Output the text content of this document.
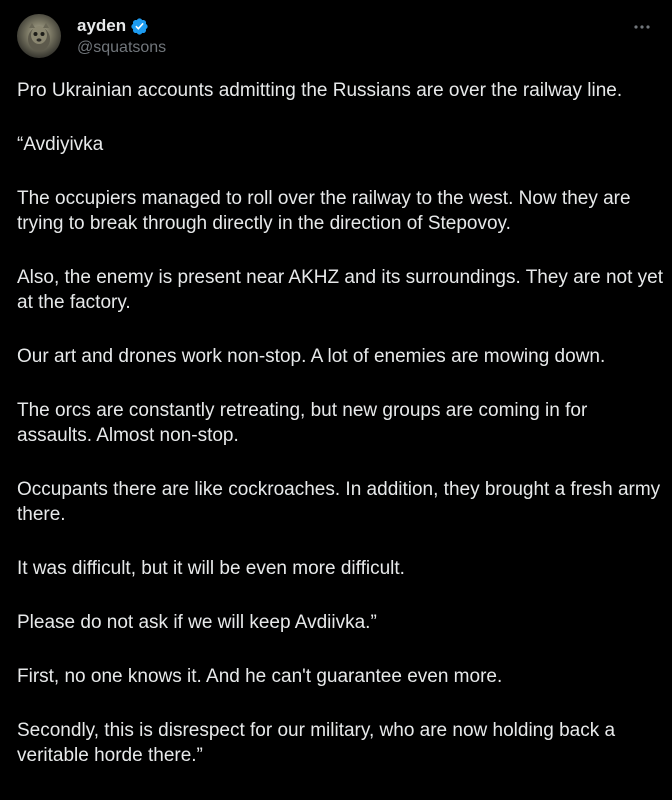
ayden
@squatsons

Pro Ukrainian accounts admitting the Russians are over the railway line.

“Avdiyivka

The occupiers managed to roll over the railway to the west. Now they are trying to break through directly in the direction of Stepovoy.

Also, the enemy is present near AKHZ and its surroundings. They are not yet at the factory.

Our art and drones work non-stop. A lot of enemies are mowing down.

The orcs are constantly retreating, but new groups are coming in for assaults. Almost non-stop.

Occupants there are like cockroaches. In addition, they brought a fresh army there.

It was difficult, but it will be even more difficult.

Please do not ask if we will keep Avdiivka.”

First, no one knows it. And he can't guarantee even more.

Secondly, this is disrespect for our military, who are now holding back a veritable horde there.”
